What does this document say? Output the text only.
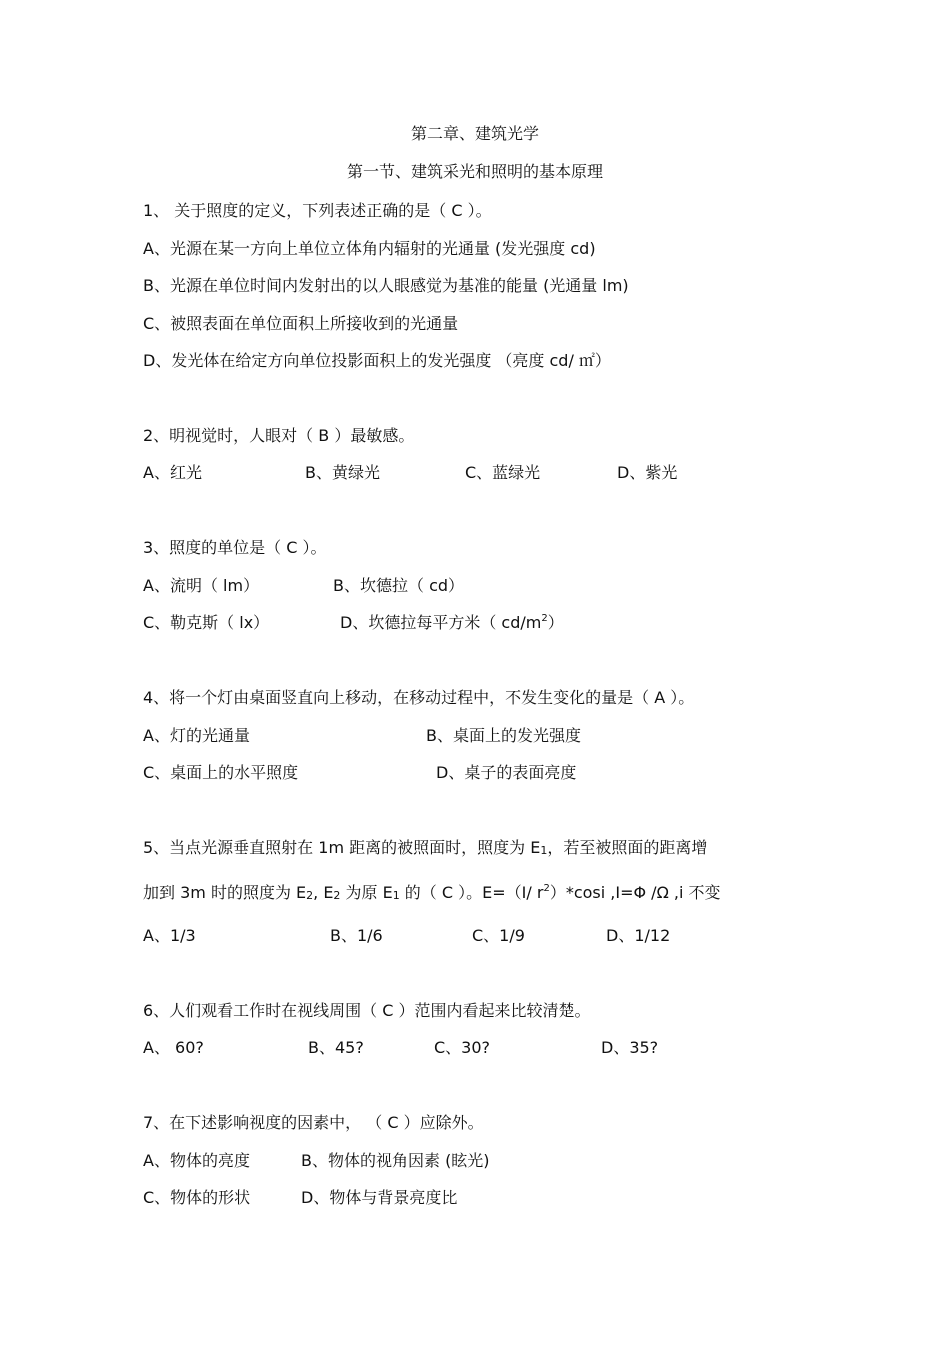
第二章、建筑光学
第一节、建筑采光和照明的基本原理
1、 关于照度的定义，下列表述正确的是（ C ）。
A、光源在某一方向上单位立体角内辐射的光通量 (发光强度 cd)
B、光源在单位时间内发射出的以人眼感觉为基准的能量 (光通量 lm)
C、被照表面在单位面积上所接收到的光通量
D、发光体在给定方向单位投影面积上的发光强度 （亮度 cd/ ㎡）
2、明视觉时，人眼对（ B ）最敏感。
A、红光	B、黄绿光	C、蓝绿光	D、紫光
3、照度的单位是（ C ）。
A、流明（ lm）	B、坎德拉（ cd）
C、勒克斯（ lx）	D、坎德拉每平方米（ $cd/m^2$）
4、将一个灯由桌面竖直向上移动，在移动过程中，不发生变化的量是（ A ）。
A、灯的光通量	B、桌面上的发光强度
C、桌面上的水平照度	D、桌子的表面亮度
5、当点光源垂直照射在 1m 距离的被照面时，照度为 $E_1$，若至被照面的距离增
加到 3m 时的照度为 $E_2$, $E_2$ 为原 $E_1$ 的（ C ）。E=（I/ $r^2)*\cos i$ ,I=Φ /Ω ,i 不变
A、1/3	B、1/6	C、1/9	D、1/12
6、人们观看工作时在视线周围（ C ）范围内看起来比较清楚。
A、 60?	B、45?	C、30?	D、35?
7、在下述影响视度的因素中， （ C ）应除外。
A、物体的亮度	B、物体的视角因素 (眩光)
C、物体的形状	D、物体与背景亮度比
